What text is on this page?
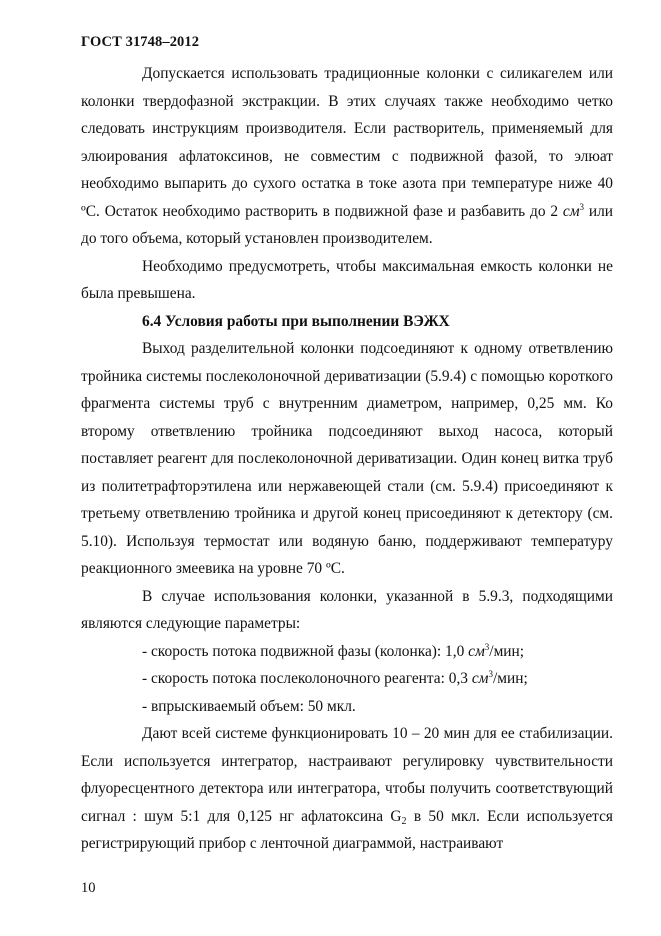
ГОСТ 31748–2012

Допускается использовать традиционные колонки с силикагелем или колонки твердофазной экстракции. В этих случаях также необходимо четко следовать инструкциям производителя. Если растворитель, применяемый для элюирования афлатоксинов, не совместим с подвижной фазой, то элюат необходимо выпарить до сухого остатка в токе азота при температуре ниже 40 ºС. Остаток необходимо растворить в подвижной фазе и разбавить до 2 $см^3$ или до того объема, который установлен производителем.

Необходимо предусмотреть, чтобы максимальная емкость колонки не была превышена.

6.4 Условия работы при выполнении ВЭЖХ

Выход разделительной колонки подсоединяют к одному ответвлению тройника системы послеколоночной дериватизации (5.9.4) с помощью короткого фрагмента системы труб с внутренним диаметром, например, 0,25 мм. Ко второму ответвлению тройника подсоединяют выход насоса, который поставляет реагент для послеколоночной дериватизации. Один конец витка труб из политетрафторэтилена или нержавеющей стали (см. 5.9.4) присоединяют к третьему ответвлению тройника и другой конец присоединяют к детектору (см. 5.10). Используя термостат или водяную баню, поддерживают температуру реакционного змеевика на уровне 70 ºС.

В случае использования колонки, указанной в 5.9.3, подходящими являются следующие параметры:

- скорость потока подвижной фазы (колонка): 1,0 $см^3$/мин;

- скорость потока послеколоночного реагента: 0,3 $см^3$/мин;

- впрыскиваемый объем: 50 мкл.

Дают всей системе функционировать 10 – 20 мин для ее стабилизации. Если используется интегратор, настраивают регулировку чувствительности флуоресцентного детектора или интегратора, чтобы получить соответствующий сигнал : шум 5:1 для 0,125 нг афлатоксина $G_2$ в 50 мкл. Если используется регистрирующий прибор с ленточной диаграммой, настраивают

10
